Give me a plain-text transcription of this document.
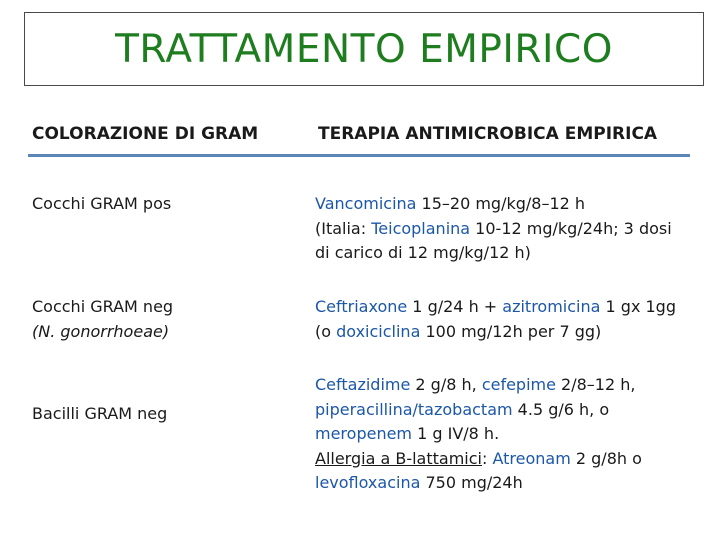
TRATTAMENTO EMPIRICO
COLORAZIONE DI GRAM	TERAPIA ANTIMICROBICA EMPIRICA
Cocchi GRAM pos	Vancomicina 15–20 mg/kg/8–12 h
(Italia: Teicoplanina 10-12 mg/kg/24h; 3 dosi
di carico di 12 mg/kg/12 h)
Cocchi GRAM neg
(N. gonorrhoeae)
Ceftriaxone 1 g/24 h + azitromicina 1 gx 1gg
(o doxiciclina 100 mg/12h per 7 gg)
Bacilli GRAM neg
Ceftazidime 2 g/8 h, cefepime 2/8–12 h,
piperacillina/tazobactam 4.5 g/6 h, o
meropenem 1 g IV/8 h.
Allergia a B-lattamici: Atreonam 2 g/8h o
levofloxacina 750 mg/24h
